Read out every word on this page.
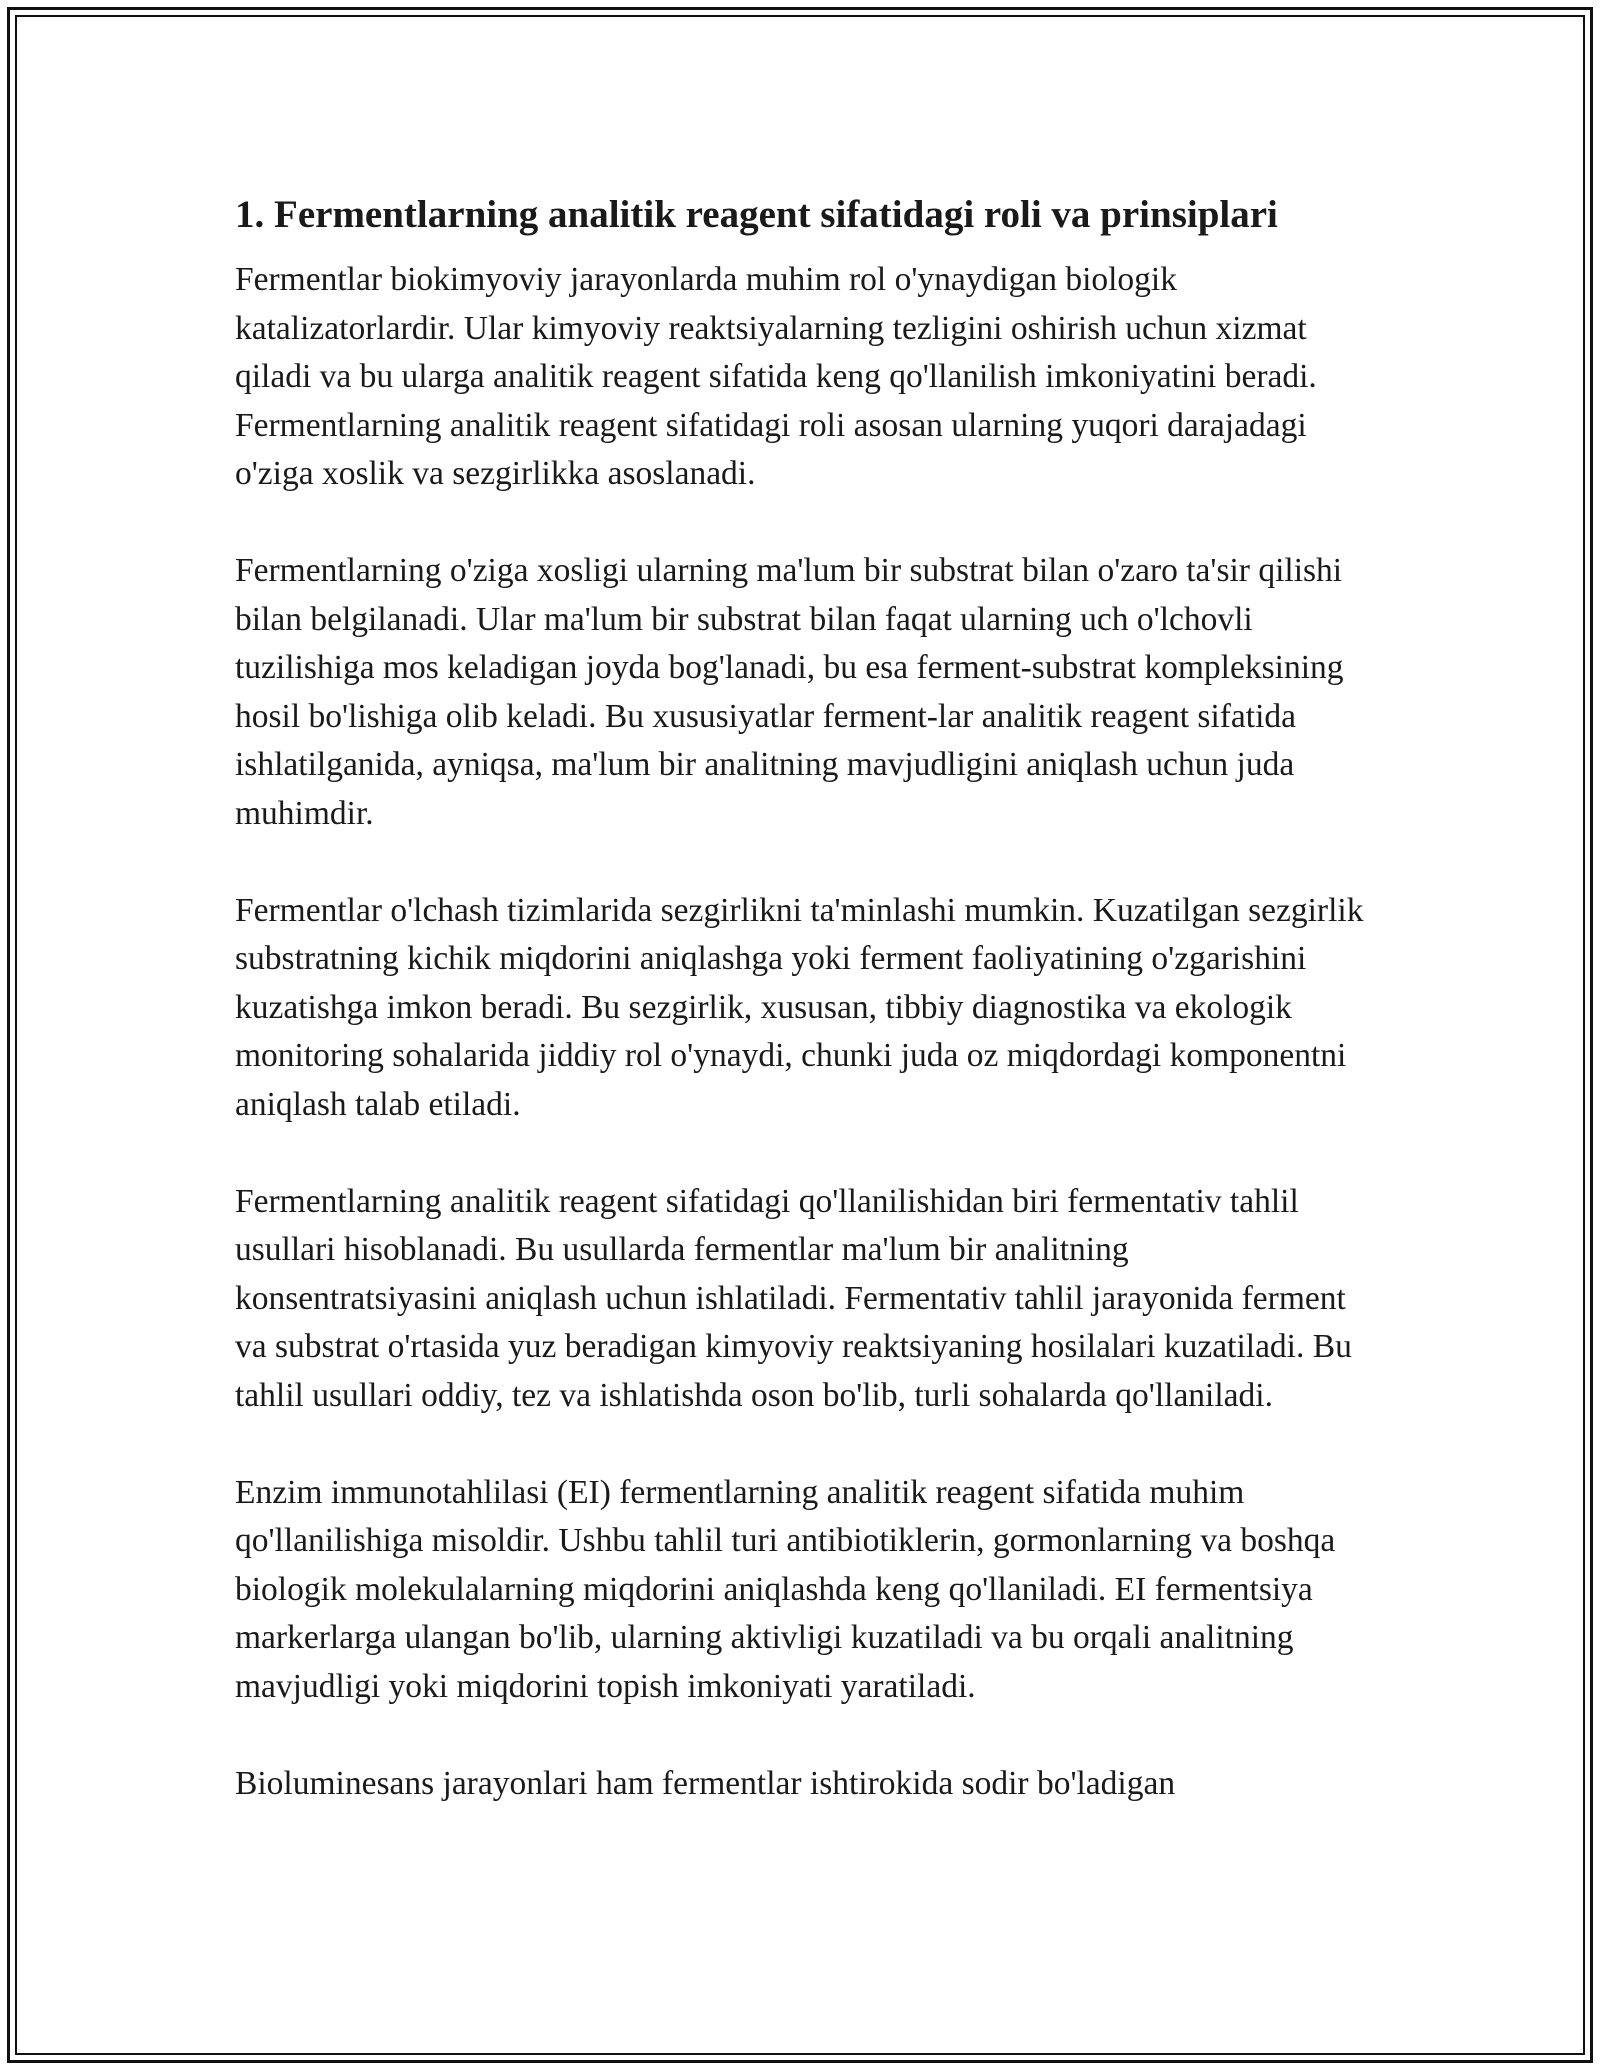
1. Fermentlarning analitik reagent sifatidagi roli va prinsiplari

Fermentlar biokimyoviy jarayonlarda muhim rol o'ynaydigan biologik katalizatorlardir. Ular kimyoviy reaktsiyalarning tezligini oshirish uchun xizmat qiladi va bu ularga analitik reagent sifatida keng qo'llanilish imkoniyatini beradi. Fermentlarning analitik reagent sifatidagi roli asosan ularning yuqori darajadagi o'ziga xoslik va sezgirlikka asoslanadi.

Fermentlarning o'ziga xosligi ularning ma'lum bir substrat bilan o'zaro ta'sir qilishi bilan belgilanadi. Ular ma'lum bir substrat bilan faqat ularning uch o'lchovli tuzilishiga mos keladigan joyda bog'lanadi, bu esa ferment-substrat kompleksining hosil bo'lishiga olib keladi. Bu xususiyatlar ferment-lar analitik reagent sifatida ishlatilganida, ayniqsa, ma'lum bir analitning mavjudligini aniqlash uchun juda muhimdir.

Fermentlar o'lchash tizimlarida sezgirlikni ta'minlashi mumkin. Kuzatilgan sezgirlik substratning kichik miqdorini aniqlashga yoki ferment faoliyatining o'zgarishini kuzatishga imkon beradi. Bu sezgirlik, xususan, tibbiy diagnostika va ekologik monitoring sohalarida jiddiy rol o'ynaydi, chunki juda oz miqdordagi komponentni aniqlash talab etiladi.

Fermentlarning analitik reagent sifatidagi qo'llanilishidan biri fermentativ tahlil usullari hisoblanadi. Bu usullarda fermentlar ma'lum bir analitning konsentratsiyasini aniqlash uchun ishlatiladi. Fermentativ tahlil jarayonida ferment va substrat o'rtasida yuz beradigan kimyoviy reaktsiyaning hosilalari kuzatiladi. Bu tahlil usullari oddiy, tez va ishlatishda oson bo'lib, turli sohalarda qo'llaniladi.

Enzim immunotahlilasi (EI) fermentlarning analitik reagent sifatida muhim qo'llanilishiga misoldir. Ushbu tahlil turi antibiotiklerin, gormonlarning va boshqa biologik molekulalarning miqdorini aniqlashda keng qo'llaniladi. EI fermentsiya markerlarga ulangan bo'lib, ularning aktivligi kuzatiladi va bu orqali analitning mavjudligi yoki miqdorini topish imkoniyati yaratiladi.

Bioluminesans jarayonlari ham fermentlar ishtirokida sodir bo'ladigan
